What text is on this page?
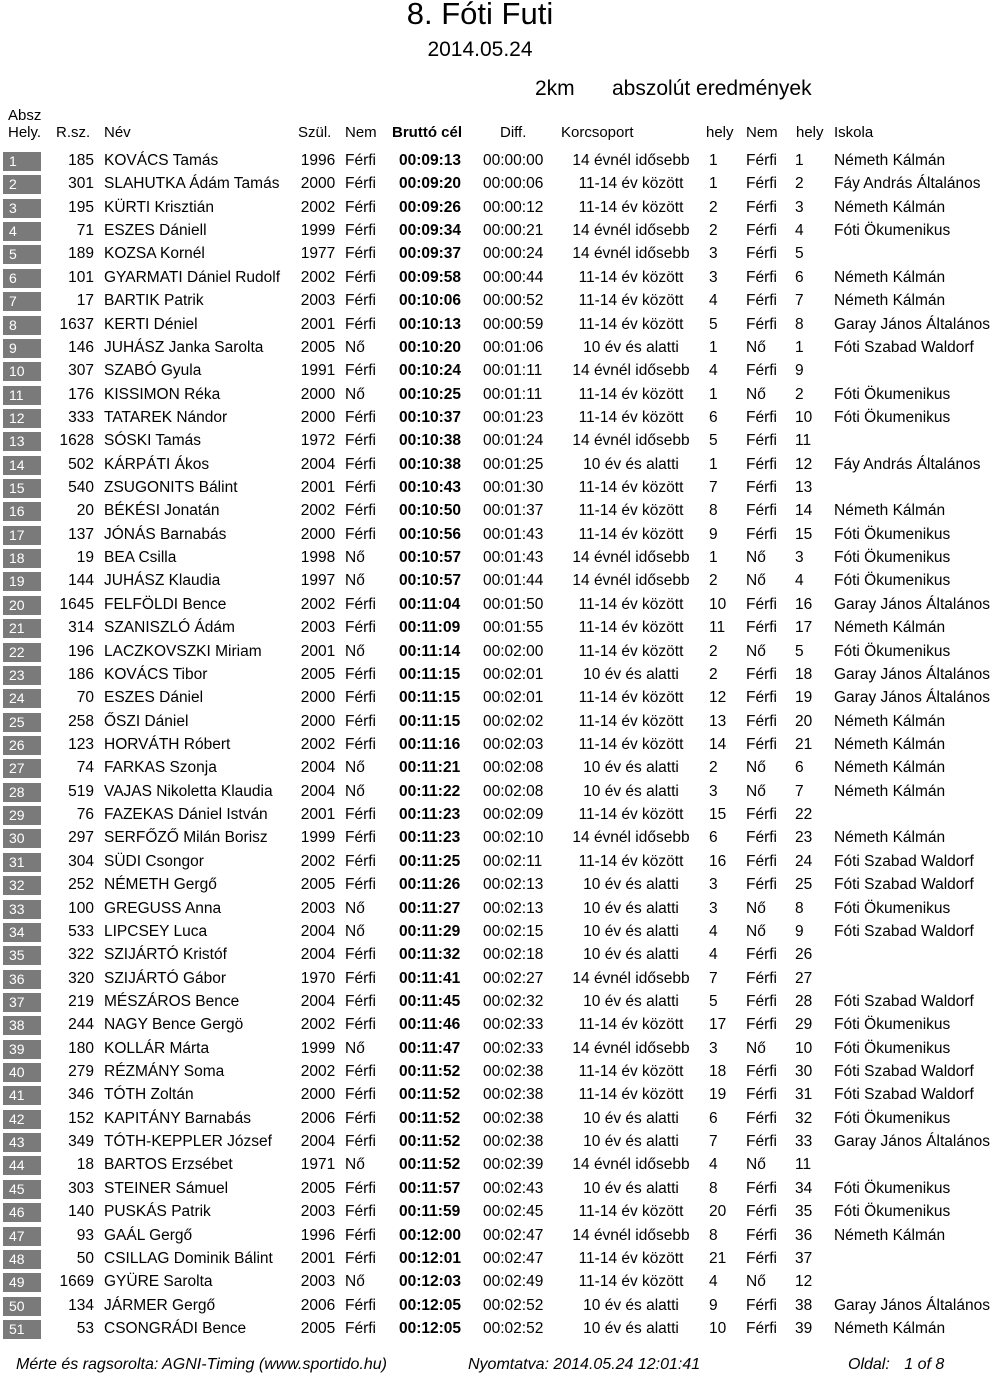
8. Fóti Futi
2014.05.24
2km abszolút eredmények
Absz
Hely. R.sz. Név	Szül. Nem Bruttó cél	Diff. Korcsoport	hely Nem hely Iskola
1	185 KOVÁCS Tamás	1996 Férfi	00:09:13	00:00:00	14 évnél idősebb	1	Férfi	1	Németh Kálmán
2	301 SLAHUTKA Ádám Tamás	2000 Férfi	00:09:20	00:00:06	11-14 év között	1	Férfi	2	Fáy András Általános
3	195 KÜRTI Krisztián	2002 Férfi	00:09:26	00:00:12	11-14 év között	2	Férfi	3	Németh Kálmán
4	71 ESZES Dániell	1999 Férfi	00:09:34	00:00:21	14 évnél idősebb	2	Férfi	4	Fóti Ökumenikus
5	189 KOZSA Kornél	1977 Férfi	00:09:37	00:00:24	14 évnél idősebb	3	Férfi	5
6	101 GYARMATI Dániel Rudolf	2002 Férfi	00:09:58	00:00:44	11-14 év között	3	Férfi	6	Németh Kálmán
7	17 BARTIK Patrik	2003 Férfi	00:10:06	00:00:52	11-14 év között	4	Férfi	7	Németh Kálmán
8	1637 KERTI Déniel	2001 Férfi	00:10:13	00:00:59	11-14 év között	5	Férfi	8	Garay János Általános
9	146 JUHÁSZ Janka Sarolta	2005 Nő	00:10:20	00:01:06	10 év és alatti	1	Nő	1	Fóti Szabad Waldorf
10	307 SZABÓ Gyula	1991 Férfi	00:10:24	00:01:11	14 évnél idősebb	4	Férfi	9
11	176 KISSIMON Réka	2000 Nő	00:10:25	00:01:11	11-14 év között	1	Nő	2	Fóti Ökumenikus
12	333 TATAREK Nándor	2000 Férfi	00:10:37	00:01:23	11-14 év között	6	Férfi	10	Fóti Ökumenikus
13	1628 SÓSKI Tamás	1972 Férfi	00:10:38	00:01:24	14 évnél idősebb	5	Férfi	11
14	502 KÁRPÁTI Ákos	2004 Férfi	00:10:38	00:01:25	10 év és alatti	1	Férfi	12	Fáy András Általános
15	540 ZSUGONITS Bálint	2001 Férfi	00:10:43	00:01:30	11-14 év között	7	Férfi	13
16	20 BÉKÉSI Jonatán	2002 Férfi	00:10:50	00:01:37	11-14 év között	8	Férfi	14	Németh Kálmán
17	137 JÓNÁS Barnabás	2000 Férfi	00:10:56	00:01:43	11-14 év között	9	Férfi	15	Fóti Ökumenikus
18	19 BEA Csilla	1998 Nő	00:10:57	00:01:43	14 évnél idősebb	1	Nő	3	Fóti Ökumenikus
19	144 JUHÁSZ Klaudia	1997 Nő	00:10:57	00:01:44	14 évnél idősebb	2	Nő	4	Fóti Ökumenikus
20	1645 FELFÖLDI Bence	2002 Férfi	00:11:04	00:01:50	11-14 év között	10	Férfi	16	Garay János Általános
21	314 SZANISZLÓ Ádám	2003 Férfi	00:11:09	00:01:55	11-14 év között	11	Férfi	17	Németh Kálmán
22	196 LACZKOVSZKI Miriam	2001 Nő	00:11:14	00:02:00	11-14 év között	2	Nő	5	Fóti Ökumenikus
23	186 KOVÁCS Tibor	2005 Férfi	00:11:15	00:02:01	10 év és alatti	2	Férfi	18	Garay János Általános
24	70 ESZES Dániel	2000 Férfi	00:11:15	00:02:01	11-14 év között	12	Férfi	19	Garay János Általános
25	258 ŐSZI Dániel	2000 Férfi	00:11:15	00:02:02	11-14 év között	13	Férfi	20	Németh Kálmán
26	123 HORVÁTH Róbert	2002 Férfi	00:11:16	00:02:03	11-14 év között	14	Férfi	21	Németh Kálmán
27	74 FARKAS Szonja	2004 Nő	00:11:21	00:02:08	10 év és alatti	2	Nő	6	Németh Kálmán
28	519 VAJAS Nikoletta Klaudia	2004 Nő	00:11:22	00:02:08	10 év és alatti	3	Nő	7	Németh Kálmán
29	76 FAZEKAS Dániel István	2001 Férfi	00:11:23	00:02:09	11-14 év között	15	Férfi	22
30	297 SERFŐZŐ Milán Borisz	1999 Férfi	00:11:23	00:02:10	14 évnél idősebb	6	Férfi	23	Németh Kálmán
31	304 SÜDI Csongor	2002 Férfi	00:11:25	00:02:11	11-14 év között	16	Férfi	24	Fóti Szabad Waldorf
32	252 NÉMETH Gergő	2005 Férfi	00:11:26	00:02:13	10 év és alatti	3	Férfi	25	Fóti Szabad Waldorf
33	100 GREGUSS Anna	2003 Nő	00:11:27	00:02:13	10 év és alatti	3	Nő	8	Fóti Ökumenikus
34	533 LIPCSEY Luca	2004 Nő	00:11:29	00:02:15	10 év és alatti	4	Nő	9	Fóti Szabad Waldorf
35	322 SZIJÁRTÓ Kristóf	2004 Férfi	00:11:32	00:02:18	10 év és alatti	4	Férfi	26
36	320 SZIJÁRTÓ Gábor	1970 Férfi	00:11:41	00:02:27	14 évnél idősebb	7	Férfi	27
37	219 MÉSZÁROS Bence	2004 Férfi	00:11:45	00:02:32	10 év és alatti	5	Férfi	28	Fóti Szabad Waldorf
38	244 NAGY Bence Gergö	2002 Férfi	00:11:46	00:02:33	11-14 év között	17	Férfi	29	Fóti Ökumenikus
39	180 KOLLÁR Márta	1999 Nő	00:11:47	00:02:33	14 évnél idősebb	3	Nő	10	Fóti Ökumenikus
40	279 RÉZMÁNY Soma	2002 Férfi	00:11:52	00:02:38	11-14 év között	18	Férfi	30	Fóti Szabad Waldorf
41	346 TÓTH Zoltán	2000 Férfi	00:11:52	00:02:38	11-14 év között	19	Férfi	31	Fóti Szabad Waldorf
42	152 KAPITÁNY Barnabás	2006 Férfi	00:11:52	00:02:38	10 év és alatti	6	Férfi	32	Fóti Ökumenikus
43	349 TÓTH-KEPPLER József	2004 Férfi	00:11:52	00:02:38	10 év és alatti	7	Férfi	33	Garay János Általános
44	18 BARTOS Erzsébet	1971 Nő	00:11:52	00:02:39	14 évnél idősebb	4	Nő	11
45	303 STEINER Sámuel	2005 Férfi	00:11:57	00:02:43	10 év és alatti	8	Férfi	34	Fóti Ökumenikus
46	140 PUSKÁS Patrik	2003 Férfi	00:11:59	00:02:45	11-14 év között	20	Férfi	35	Fóti Ökumenikus
47	93 GAÁL Gergő	1996 Férfi	00:12:00	00:02:47	14 évnél idősebb	8	Férfi	36	Németh Kálmán
48	50 CSILLAG Dominik Bálint	2001 Férfi	00:12:01	00:02:47	11-14 év között	21	Férfi	37
49	1669 GYÜRE Sarolta	2003 Nő	00:12:03	00:02:49	11-14 év között	4	Nő	12
50	134 JÁRMER Gergő	2006 Férfi	00:12:05	00:02:52	10 év és alatti	9	Férfi	38	Garay János Általános
51	53 CSONGRÁDI Bence	2005 Férfi	00:12:05	00:02:52	10 év és alatti	10	Férfi	39	Németh Kálmán
Mérte és ragsorolta: AGNI-Timing (www.sportido.hu)	Nyomtatva: 2014.05.24 12:01:41	Oldal: 1 of 8
